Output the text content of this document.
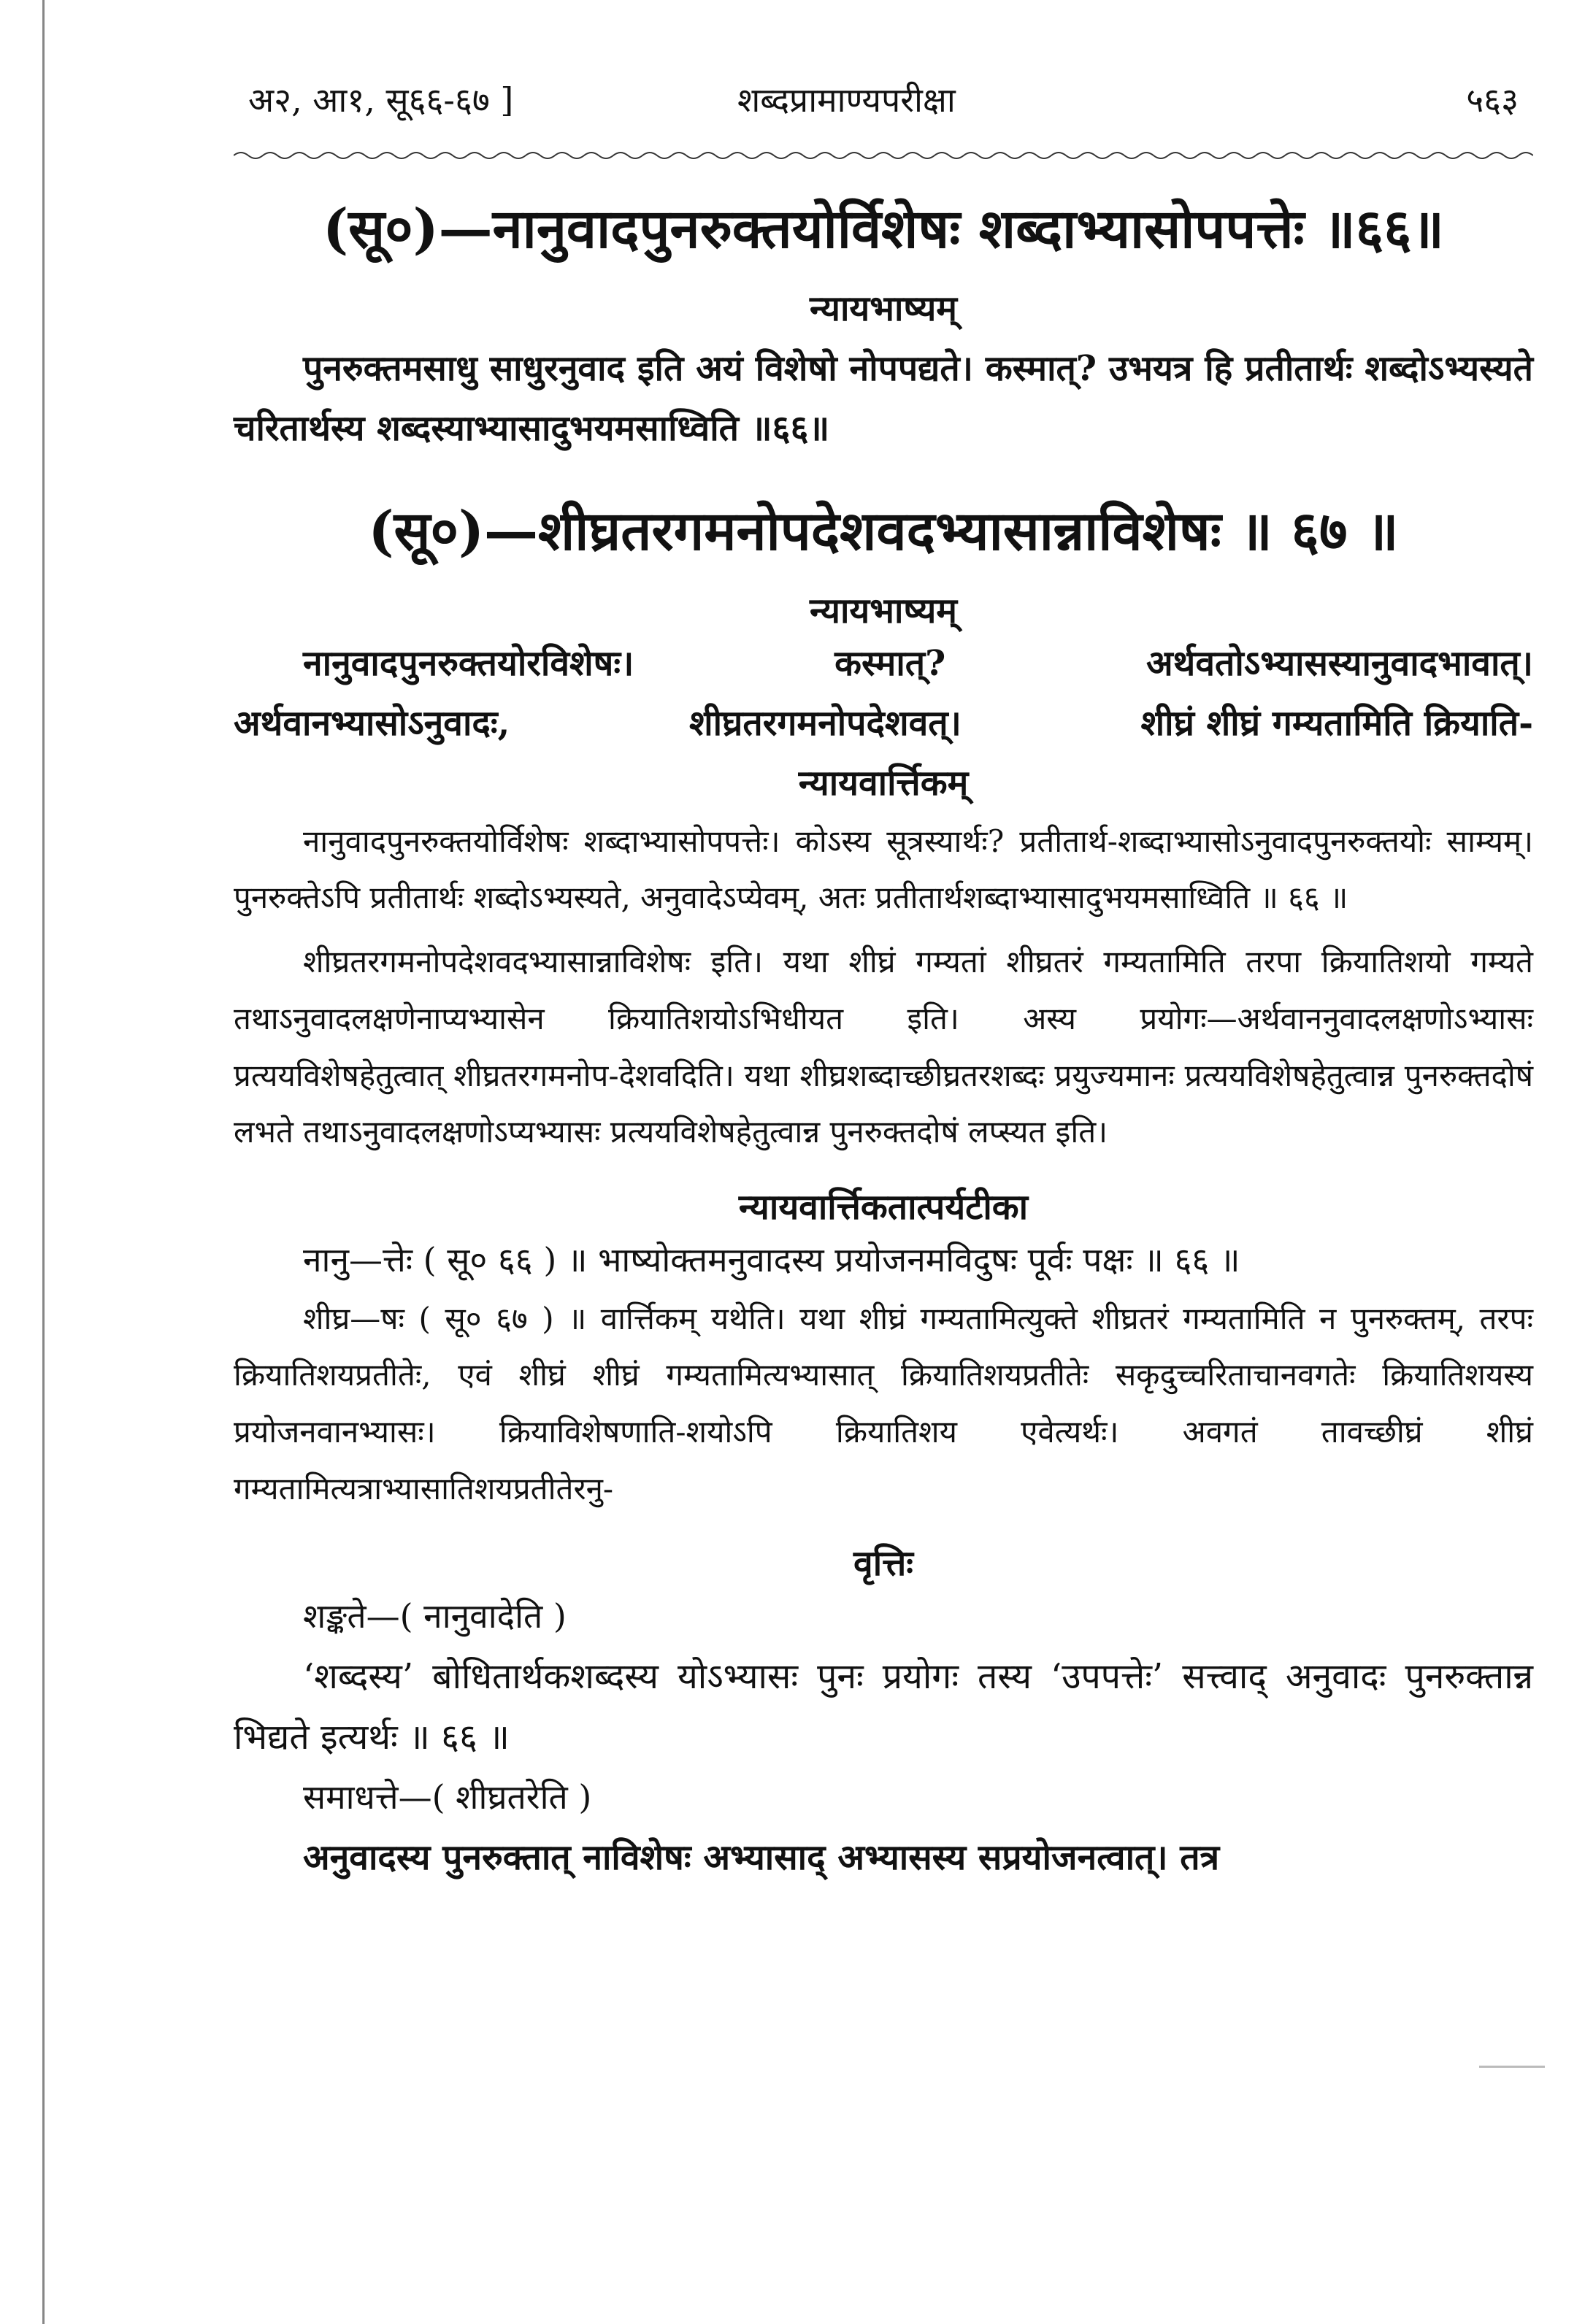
अ२, आ१, सू६६-६७ ]	शब्दप्रामाण्यपरीक्षा	५६३
(सू०)—नानुवादपुनरुक्तयोर्विशेषः शब्दाभ्यासोपपत्तेः ॥६६॥
न्यायभाष्यम्
पुनरुक्तमसाधु साधुरनुवाद इति अयं विशेषो नोपपद्यते। कस्मात्? उभयत्र हि प्रतीतार्थः शब्दोऽभ्यस्यते चरितार्थस्य शब्दस्याभ्यासादुभयमसाध्विति ॥६६॥
(सू०)—शीघ्रतरगमनोपदेशवदभ्यासान्नाविशेषः ॥ ६७ ॥
न्यायभाष्यम्
नानुवादपुनरुक्तयोरविशेषः।	कस्मात्?	अर्थवतोऽभ्यासस्यानुवादभावात्।
अर्थवानभ्यासोऽनुवादः,	शीघ्रतरगमनोपदेशवत्।	शीघ्रं शीघ्रं गम्यतामिति क्रियाति-
न्यायवार्त्तिकम्
नानुवादपुनरुक्तयोर्विशेषः शब्दाभ्यासोपपत्तेः। कोऽस्य सूत्रस्यार्थः? प्रतीतार्थ-शब्दाभ्यासोऽनुवादपुनरुक्तयोः साम्यम्। पुनरुक्तेऽपि प्रतीतार्थः शब्दोऽभ्यस्यते, अनुवादेऽप्येवम्, अतः प्रतीतार्थशब्दाभ्यासादुभयमसाध्विति ॥ ६६ ॥
शीघ्रतरगमनोपदेशवदभ्यासान्नाविशेषः इति। यथा शीघ्रं गम्यतां शीघ्रतरं गम्यतामिति तरपा क्रियातिशयो गम्यते तथाऽनुवादलक्षणेनाप्यभ्यासेन क्रियातिशयोऽभिधीयत इति। अस्य प्रयोगः—अर्थवाननुवादलक्षणोऽभ्यासः प्रत्ययविशेषहेतुत्वात् शीघ्रतरगमनोप-देशवदिति। यथा शीघ्रशब्दाच्छीघ्रतरशब्दः प्रयुज्यमानः प्रत्ययविशेषहेतुत्वान्न पुनरुक्तदोषं लभते तथाऽनुवादलक्षणोऽप्यभ्यासः प्रत्ययविशेषहेतुत्वान्न पुनरुक्तदोषं लप्स्यत इति।
न्यायवार्त्तिकतात्पर्यटीका
नानु—त्तेः ( सू० ६६ ) ॥ भाष्योक्तमनुवादस्य प्रयोजनमविदुषः पूर्वः पक्षः ॥ ६६ ॥
शीघ्र—षः ( सू० ६७ ) ॥ वार्त्तिकम् यथेति। यथा शीघ्रं गम्यतामित्युक्ते शीघ्रतरं गम्यतामिति न पुनरुक्तम्, तरपः क्रियातिशयप्रतीतेः, एवं शीघ्रं शीघ्रं गम्यतामित्यभ्यासात् क्रियातिशयप्रतीतेः सकृदुच्चरिताचानवगतेः क्रियातिशयस्य प्रयोजनवानभ्यासः। क्रियाविशेषणाति-शयोऽपि क्रियातिशय एवेत्यर्थः। अवगतं तावच्छीघ्रं शीघ्रं गम्यतामित्यत्राभ्यासातिशयप्रतीतेरनु-
वृत्तिः
शङ्कते—( नानुवादेति )
‘शब्दस्य’ बोधितार्थकशब्दस्य योऽभ्यासः पुनः प्रयोगः तस्य ‘उपपत्तेः’ सत्त्वाद् अनुवादः पुनरुक्तान्न भिद्यते इत्यर्थः ॥ ६६ ॥
समाधत्ते—( शीघ्रतरेति )
अनुवादस्य पुनरुक्तात् नाविशेषः अभ्यासाद् अभ्यासस्य सप्रयोजनत्वात्। तत्र
